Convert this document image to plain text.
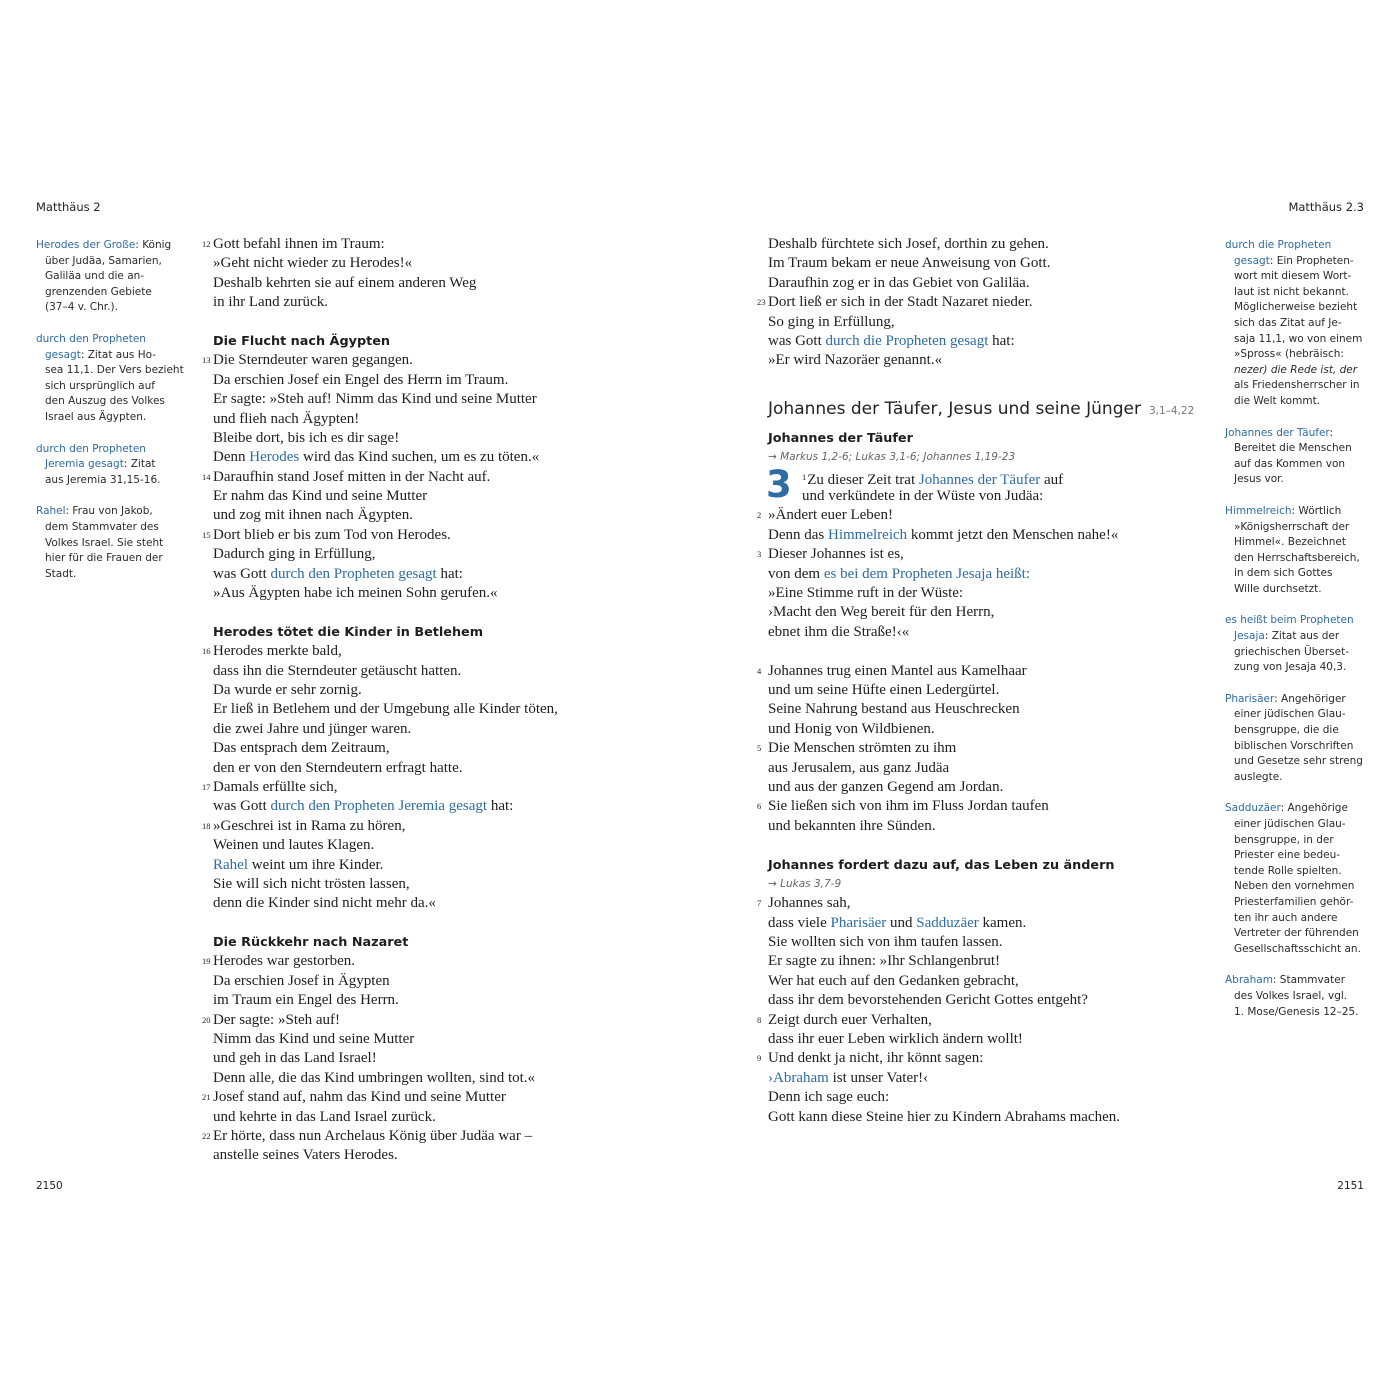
Matthäus 2
2150
Herodes der Große: König
über Judäa, Samarien,
Galiläa und die an-
grenzenden Gebiete
(37–4 v. Chr.).
durch den Propheten
gesagt: Zitat aus Ho-
sea 11,1. Der Vers bezieht
sich ursprünglich auf
den Auszug des Volkes
Israel aus Ägypten.
durch den Propheten
Jeremia gesagt: Zitat
aus Jeremia 31,15-16.
Rahel: Frau von Jakob,
dem Stammvater des
Volkes Israel. Sie steht
hier für die Frauen der
Stadt.
$^{12}$ Gott befahl ihnen im Traum:
»Geht nicht wieder zu Herodes!«
Deshalb kehrten sie auf einem anderen Weg
in ihr Land zurück.
Die Flucht nach Ägypten
$^{13}$ Die Sterndeuter waren gegangen.
Da erschien Josef ein Engel des Herrn im Traum.
Er sagte: »Steh auf! Nimm das Kind und seine Mutter
und flieh nach Ägypten!
Bleibe dort, bis ich es dir sage!
Denn Herodes wird das Kind suchen, um es zu töten.«
$^{14}$ Daraufhin stand Josef mitten in der Nacht auf.
Er nahm das Kind und seine Mutter
und zog mit ihnen nach Ägypten.
$^{15}$ Dort blieb er bis zum Tod von Herodes.
Dadurch ging in Erfüllung,
was Gott durch den Propheten gesagt hat:
»Aus Ägypten habe ich meinen Sohn gerufen.«
Herodes tötet die Kinder in Betlehem
$^{16}$ Herodes merkte bald,
dass ihn die Sterndeuter getäuscht hatten.
Da wurde er sehr zornig.
Er ließ in Betlehem und der Umgebung alle Kinder töten,
die zwei Jahre und jünger waren.
Das entsprach dem Zeitraum,
den er von den Sterndeutern erfragt hatte.
$^{17}$ Damals erfüllte sich,
was Gott durch den Propheten Jeremia gesagt hat:
$^{18}$ »Geschrei ist in Rama zu hören,
Weinen und lautes Klagen.
Rahel weint um ihre Kinder.
Sie will sich nicht trösten lassen,
denn die Kinder sind nicht mehr da.«
Die Rückkehr nach Nazaret
$^{19}$ Herodes war gestorben.
Da erschien Josef in Ägypten
im Traum ein Engel des Herrn.
$^{20}$ Der sagte: »Steh auf!
Nimm das Kind und seine Mutter
und geh in das Land Israel!
Denn alle, die das Kind umbringen wollten, sind tot.«
$^{21}$ Josef stand auf, nahm das Kind und seine Mutter
und kehrte in das Land Israel zurück.
$^{22}$ Er hörte, dass nun Archelaus König über Judäa war –
anstelle seines Vaters Herodes.
Matthäus 2.3
2151
Deshalb fürchtete sich Josef, dorthin zu gehen.
Im Traum bekam er neue Anweisung von Gott.
Daraufhin zog er in das Gebiet von Galiläa.
$^{23}$ Dort ließ er sich in der Stadt Nazaret nieder.
So ging in Erfüllung,
was Gott durch die Propheten gesagt hat:
»Er wird Nazoräer genannt.«
Johannes der Täufer, Jesus und seine Jünger 3,1–4,22
Johannes der Täufer
→ Markus 1,2-6; Lukas 3,1-6; Johannes 1,19-23
3	$^1$Zu dieser Zeit trat Johannes der Täufer auf
und verkündete in der Wüste von Judäa:
$^2$ »Ändert euer Leben!
Denn das Himmelreich kommt jetzt den Menschen nahe!«
$^3$ Dieser Johannes ist es,
von dem es bei dem Propheten Jesaja heißt:
»Eine Stimme ruft in der Wüste:
›Macht den Weg bereit für den Herrn,
ebnet ihm die Straße!‹«
$^4$ Johannes trug einen Mantel aus Kamelhaar
und um seine Hüfte einen Ledergürtel.
Seine Nahrung bestand aus Heuschrecken
und Honig von Wildbienen.
$^5$ Die Menschen strömten zu ihm
aus Jerusalem, aus ganz Judäa
und aus der ganzen Gegend am Jordan.
$^6$ Sie ließen sich von ihm im Fluss Jordan taufen
und bekannten ihre Sünden.
Johannes fordert dazu auf, das Leben zu ändern
→ Lukas 3,7-9
$^7$ Johannes sah,
dass viele Pharisäer und Sadduzäer kamen.
Sie wollten sich von ihm taufen lassen.
Er sagte zu ihnen: »Ihr Schlangenbrut!
Wer hat euch auf den Gedanken gebracht,
dass ihr dem bevorstehenden Gericht Gottes entgeht?
$^8$ Zeigt durch euer Verhalten,
dass ihr euer Leben wirklich ändern wollt!
$^9$ Und denkt ja nicht, ihr könnt sagen:
›Abraham ist unser Vater!‹
Denn ich sage euch:
Gott kann diese Steine hier zu Kindern Abrahams machen.
durch die Propheten
gesagt: Ein Propheten-
wort mit diesem Wort-
laut ist nicht bekannt.
Möglicherweise bezieht
sich das Zitat auf Je-
saja 11,1, wo von einem
»Spross« (hebräisch:
nezer) die Rede ist, der
als Friedensherrscher in
die Welt kommt.
Johannes der Täufer:
Bereitet die Menschen
auf das Kommen von
Jesus vor.
Himmelreich: Wörtlich
»Königsherrschaft der
Himmel«. Bezeichnet
den Herrschaftsbereich,
in dem sich Gottes
Wille durchsetzt.
es heißt beim Propheten
Jesaja: Zitat aus der
griechischen Überset-
zung von Jesaja 40,3.
Pharisäer: Angehöriger
einer jüdischen Glau-
bensgruppe, die die
biblischen Vorschriften
und Gesetze sehr streng
auslegte.
Sadduzäer: Angehörige
einer jüdischen Glau-
bensgruppe, in der
Priester eine bedeu-
tende Rolle spielten.
Neben den vornehmen
Priesterfamilien gehör-
ten ihr auch andere
Vertreter der führenden
Gesellschaftsschicht an.
Abraham: Stammvater
des Volkes Israel, vgl.
1. Mose/Genesis 12–25.
